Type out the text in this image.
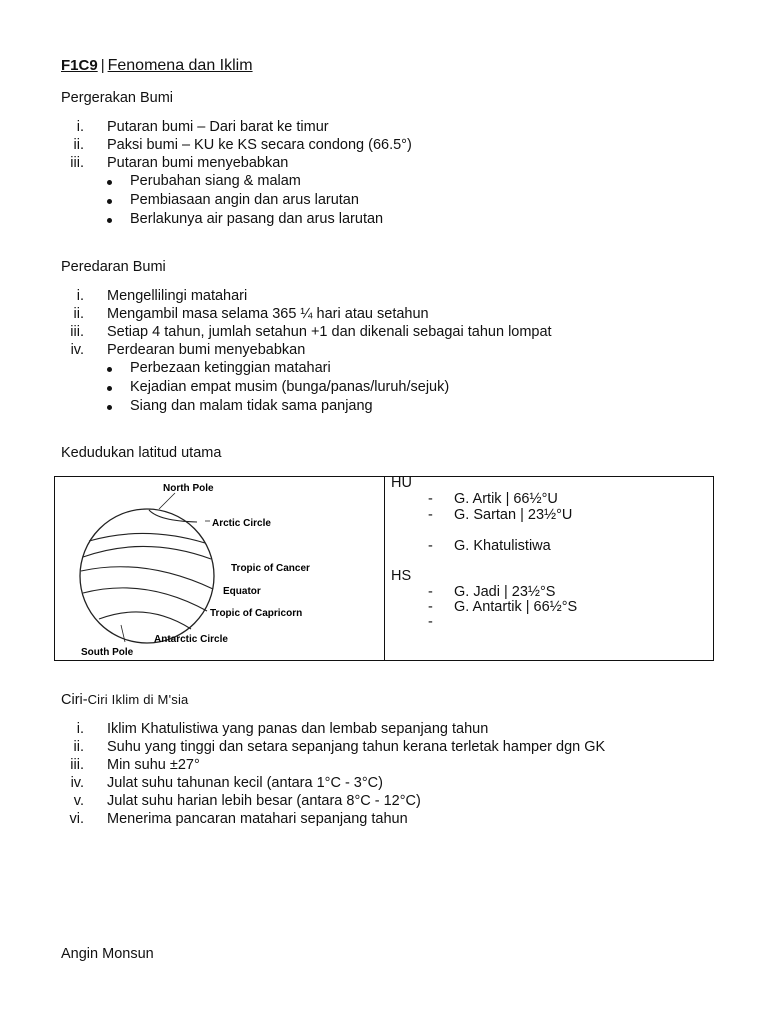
F1C9 | Fenomena dan Iklim
Pergerakan Bumi
i. Putaran bumi – Dari barat ke timur
ii. Paksi bumi – KU ke KS secara condong (66.5°)
iii. Putaran bumi menyebabkan
Perubahan siang & malam
Pembiasaan angin dan arus larutan
Berlakunya air pasang dan arus larutan
Peredaran Bumi
i. Mengellilingi matahari
ii. Mengambil masa selama 365 ¼ hari atau setahun
iii. Setiap 4 tahun, jumlah setahun +1 dan dikenali sebagai tahun lompat
iv. Perdearan bumi menyebabkan
Perbezaan ketinggian matahari
Kejadian empat musim (bunga/panas/luruh/sejuk)
Siang dan malam tidak sama panjang
Kedudukan latitud utama
North Pole
Arctic Circle
Tropic of Cancer
Equator
Tropic of Capricorn
Antarctic Circle
South Pole
HU
- G. Artik | 66½°U
- G. Sartan | 23½°U
- G. Khatulistiwa
HS
- G. Jadi | 23½°S
- G. Antartik | 66½°S
-
Ciri-Ciri Iklim di M'sia
i. Iklim Khatulistiwa yang panas dan lembab sepanjang tahun
ii. Suhu yang tinggi dan setara sepanjang tahun kerana terletak hamper dgn GK
iii. Min suhu ±27°
iv. Julat suhu tahunan kecil (antara 1°C - 3°C)
v. Julat suhu harian lebih besar (antara 8°C - 12°C)
vi. Menerima pancaran matahari sepanjang tahun
Angin Monsun
